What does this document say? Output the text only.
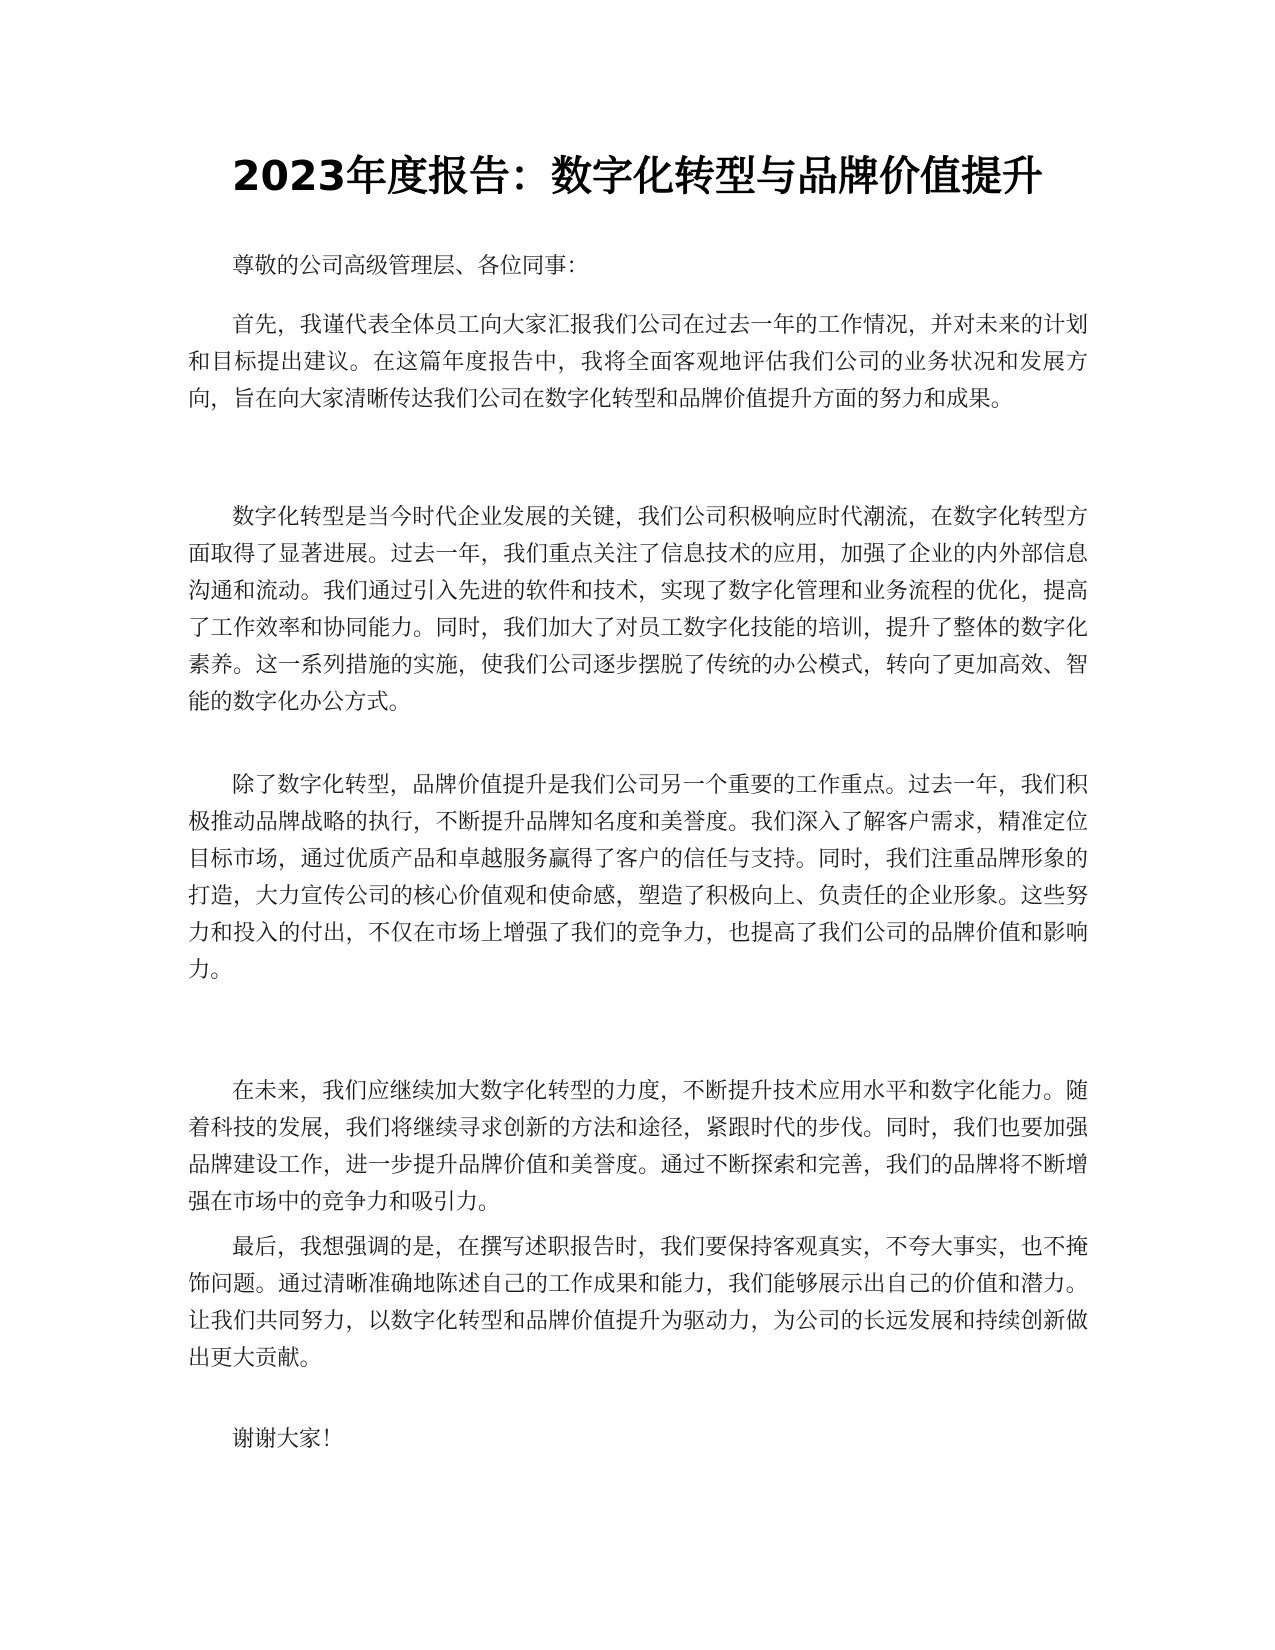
2023年度报告：数字化转型与品牌价值提升

尊敬的公司高级管理层、各位同事：

首先，我谨代表全体员工向大家汇报我们公司在过去一年的工作情况，并对未来的计划和目标提出建议。在这篇年度报告中，我将全面客观地评估我们公司的业务状况和发展方向，旨在向大家清晰传达我们公司在数字化转型和品牌价值提升方面的努力和成果。

数字化转型是当今时代企业发展的关键，我们公司积极响应时代潮流，在数字化转型方面取得了显著进展。过去一年，我们重点关注了信息技术的应用，加强了企业的内外部信息沟通和流动。我们通过引入先进的软件和技术，实现了数字化管理和业务流程的优化，提高了工作效率和协同能力。同时，我们加大了对员工数字化技能的培训，提升了整体的数字化素养。这一系列措施的实施，使我们公司逐步摆脱了传统的办公模式，转向了更加高效、智能的数字化办公方式。

除了数字化转型，品牌价值提升是我们公司另一个重要的工作重点。过去一年，我们积极推动品牌战略的执行，不断提升品牌知名度和美誉度。我们深入了解客户需求，精准定位目标市场，通过优质产品和卓越服务赢得了客户的信任与支持。同时，我们注重品牌形象的打造，大力宣传公司的核心价值观和使命感，塑造了积极向上、负责任的企业形象。这些努力和投入的付出，不仅在市场上增强了我们的竞争力，也提高了我们公司的品牌价值和影响力。

在未来，我们应继续加大数字化转型的力度，不断提升技术应用水平和数字化能力。随着科技的发展，我们将继续寻求创新的方法和途径，紧跟时代的步伐。同时，我们也要加强品牌建设工作，进一步提升品牌价值和美誉度。通过不断探索和完善，我们的品牌将不断增强在市场中的竞争力和吸引力。

最后，我想强调的是，在撰写述职报告时，我们要保持客观真实，不夸大事实，也不掩饰问题。通过清晰准确地陈述自己的工作成果和能力，我们能够展示出自己的价值和潜力。让我们共同努力，以数字化转型和品牌价值提升为驱动力，为公司的长远发展和持续创新做出更大贡献。

谢谢大家！
